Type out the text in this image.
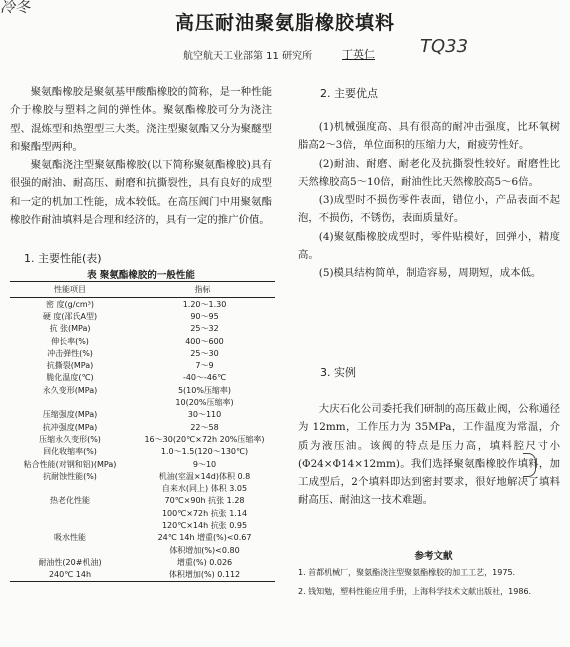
冷冬
高压耐油聚氨脂橡胶填料
航空航天工业部第 11 研究所	丁英仁	TQ33

聚氨酯橡胶是聚氨基甲酸酯橡胶的简称，是一种性能介于橡胶与塑料之间的弹性体。聚氨酯橡胶可分为浇注型、混炼型和热塑型三大类。浇注型聚氨酯又分为聚醚型和聚酯型两种。

聚氨酯浇注型聚氨酯橡胶(以下简称聚氨酯橡胶)具有很强的耐油、耐高压、耐磨和抗撕裂性，具有良好的成型和一定的机加工性能，成本较低。在高压阀门中用聚氨酯橡胶作耐油填料是合理和经济的，具有一定的推广价值。

1. 主要性能(表)
表 聚氨酯橡胶的一般性能
性能项目	指标
密 度(g/cm³)	1.20～1.30
硬 度(邵氏A型)	90～95
抗 张(MPa)	25～32
伸长率(%)	400～600
冲击弹性(%)	25～30
抗撕裂(MPa)	7～9
脆化温度(℃)	-40～-46℃
永久变形(MPa)	5(10%压缩率)
	10(20%压缩率)
压缩强度(MPa)	30～110
抗冲强度(MPa)	22～58
压缩永久变形(%)	16～30(20℃×72h 20%压缩率)
回化收缩率(%)	1.0～1.5(120～130℃)
粘合性能(对钢和铝)(MPa)	9～10
抗耐蚀性能(%)	机油(室温×14d)体积 0.8
	自来水(同上) 体积 3.05
热老化性能	70℃×90h 抗张 1.28
	100℃×72h 抗张 1.14
	120℃×14h 抗张 0.95
吸水性能	24℃ 14h 增重(%)<0.67
	体积增加(%)<0.80
耐油性(20#机油)	增重(%) 0.026
240℃ 14h	体积增加(%) 0.112
2. 主要优点

(1)机械强度高、具有很高的耐冲击强度，比环氧树脂高2～3倍，单位面积的压缩力大，耐疲劳性好。

(2)耐油、耐磨、耐老化及抗撕裂性较好。耐磨性比天然橡胶高5～10倍，耐油性比天然橡胶高5～6倍。

(3)成型时不损伤零件表面，错位小，产品表面不起泡，不损伤，不锈伤，表面质量好。

(4)聚氨酯橡胶成型时，零件贴模好，回弹小，精度高。

(5)模具结构简单，制造容易，周期短，成本低。

3. 实例

大庆石化公司委托我们研制的高压截止阀，公称通径为 12mm，工作压力为 35MPa，工作温度为常温，介质为液压油。该阀的特点是压力高，填料腔尺寸小(Φ24×Φ14×12mm)。我们选择聚氨酯橡胶作填料，加工成型后，2个填料即达到密封要求，很好地解决了填料耐高压、耐油这一技术难题。

参考文献

1. 首都机械厂，聚氨酯浇注型聚氨酯橡胶的加工工艺，1975.

2. 钱知勉，塑料性能应用手册，上海科学技术文献出版社，1986.
